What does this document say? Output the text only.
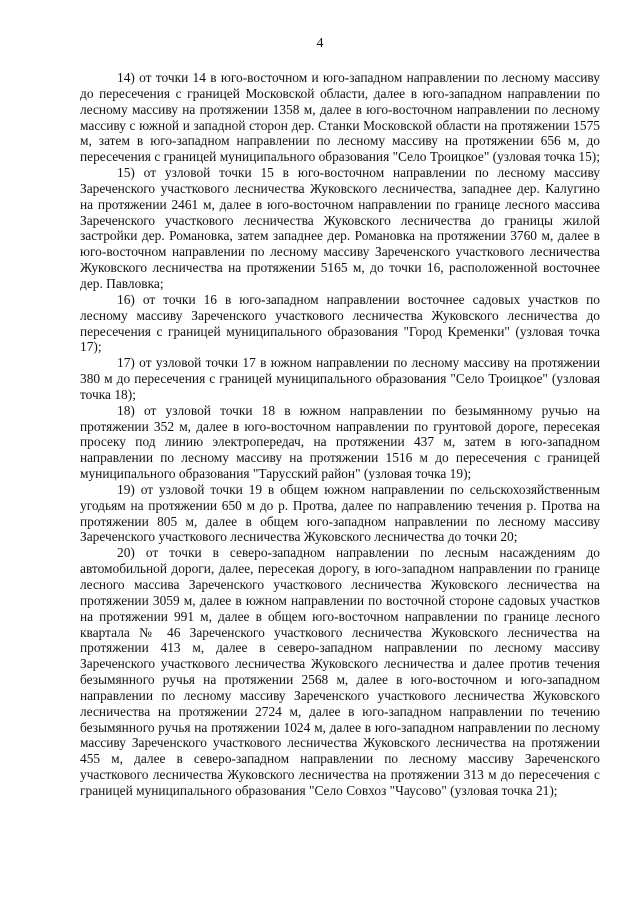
4

14) от точки 14 в юго-восточном и юго-западном направлении по лесному массиву до пересечения с границей Московской области, далее в юго-западном направлении по лесному массиву на протяжении 1358 м, далее в юго-восточном направлении по лесному массиву с южной и западной сторон дер. Станки Московской области на протяжении 1575 м, затем в юго-западном направлении по лесному массиву на протяжении 656 м, до пересечения с границей муниципального образования "Село Троицкое" (узловая точка 15);

15) от узловой точки 15 в юго-восточном направлении по лесному массиву Зареченского участкового лесничества Жуковского лесничества, западнее дер. Калугино на протяжении 2461 м, далее в юго-восточном направлении по границе лесного массива Зареченского участкового лесничества Жуковского лесничества до границы жилой застройки дер. Романовка, затем западнее дер. Романовка на протяжении 3760 м, далее в юго-восточном направлении по лесному массиву Зареченского участкового лесничества Жуковского лесничества на протяжении 5165 м, до точки 16, расположенной восточнее дер. Павловка;

16) от точки 16 в юго-западном направлении восточнее садовых участков по лесному массиву Зареченского участкового лесничества Жуковского лесничества до пересечения с границей муниципального образования "Город Кременки" (узловая точка 17);

17) от узловой точки 17 в южном направлении по лесному массиву на протяжении 380 м до пересечения с границей муниципального образования "Село Троицкое" (узловая точка 18);

18) от узловой точки 18 в южном направлении по безымянному ручью на протяжении 352 м, далее в юго-восточном направлении по грунтовой дороге, пересекая просеку под линию электропередач, на протяжении 437 м, затем в юго-западном направлении по лесному массиву на протяжении 1516 м до пересечения с границей муниципального образования "Тарусский район" (узловая точка 19);

19) от узловой точки 19 в общем южном направлении по сельскохозяйственным угодьям на протяжении 650 м до р. Протва, далее по направлению течения р. Протва на протяжении 805 м, далее в общем юго-западном направлении по лесному массиву Зареченского участкового лесничества Жуковского лесничества до точки 20;

20) от точки в северо-западном направлении по лесным насаждениям до автомобильной дороги, далее, пересекая дорогу, в юго-западном направлении по границе лесного массива Зареченского участкового лесничества Жуковского лесничества на протяжении 3059 м, далее в южном направлении по восточной стороне садовых участков на протяжении 991 м, далее в общем юго-восточном направлении по границе лесного квартала № 46 Зареченского участкового лесничества Жуковского лесничества на протяжении 413 м, далее в северо-западном направлении по лесному массиву Зареченского участкового лесничества Жуковского лесничества и далее против течения безымянного ручья на протяжении 2568 м, далее в юго-восточном и юго-западном направлении по лесному массиву Зареченского участкового лесничества Жуковского лесничества на протяжении 2724 м, далее в юго-западном направлении по течению безымянного ручья на протяжении 1024 м, далее в юго-западном направлении по лесному массиву Зареченского участкового лесничества Жуковского лесничества на протяжении 455 м, далее в северо-западном направлении по лесному массиву Зареченского участкового лесничества Жуковского лесничества на протяжении 313 м до пересечения с границей муниципального образования "Село Совхоз "Чаусово" (узловая точка 21);
